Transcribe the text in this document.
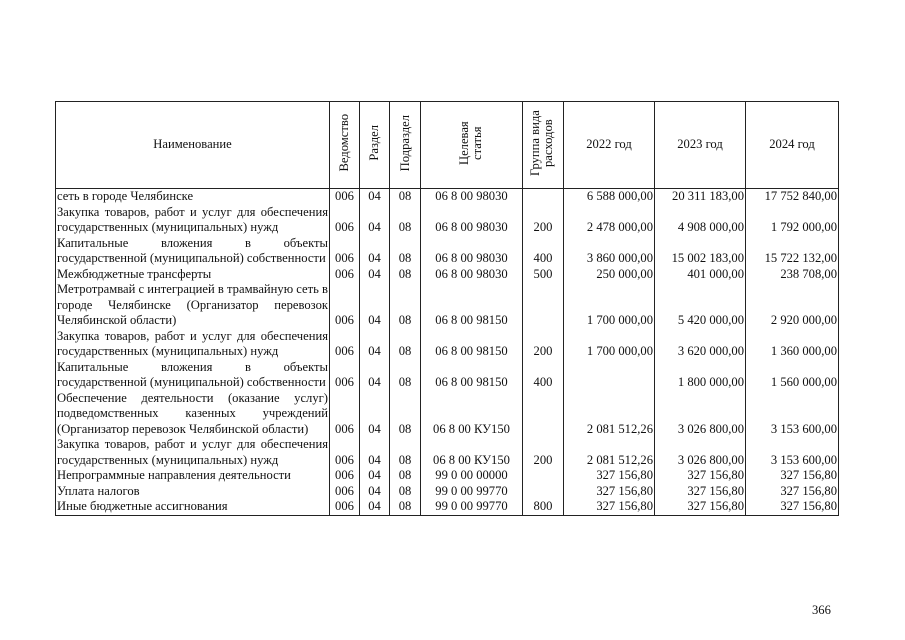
Наименование	Ведомство	Раздел	Подраздел	Целевая статья	Группа вида расходов	2022 год	2023 год	2024 год
сеть в городе Челябинске	006	04	08	06 8 00 98030		6 588 000,00	20 311 183,00	17 752 840,00
Закупка товаров, работ и услуг для обеспечения государственных (муниципальных) нужд	006	04	08	06 8 00 98030	200	2 478 000,00	4 908 000,00	1 792 000,00
Капитальные вложения в объекты государственной (муниципальной) собственности	006	04	08	06 8 00 98030	400	3 860 000,00	15 002 183,00	15 722 132,00
Межбюджетные трансферты	006	04	08	06 8 00 98030	500	250 000,00	401 000,00	238 708,00
Метротрамвай с интеграцией в трамвайную сеть в городе Челябинске (Организатор перевозок Челябинской области)	006	04	08	06 8 00 98150		1 700 000,00	5 420 000,00	2 920 000,00
Закупка товаров, работ и услуг для обеспечения государственных (муниципальных) нужд	006	04	08	06 8 00 98150	200	1 700 000,00	3 620 000,00	1 360 000,00
Капитальные вложения в объекты государственной (муниципальной) собственности	006	04	08	06 8 00 98150	400		1 800 000,00	1 560 000,00
Обеспечение деятельности (оказание услуг) подведомственных казенных учреждений (Организатор перевозок Челябинской области)	006	04	08	06 8 00 КУ150		2 081 512,26	3 026 800,00	3 153 600,00
Закупка товаров, работ и услуг для обеспечения государственных (муниципальных) нужд	006	04	08	06 8 00 КУ150	200	2 081 512,26	3 026 800,00	3 153 600,00
Непрограммные направления деятельности	006	04	08	99 0 00 00000		327 156,80	327 156,80	327 156,80
Уплата налогов	006	04	08	99 0 00 99770		327 156,80	327 156,80	327 156,80
Иные бюджетные ассигнования	006	04	08	99 0 00 99770	800	327 156,80	327 156,80	327 156,80
366
